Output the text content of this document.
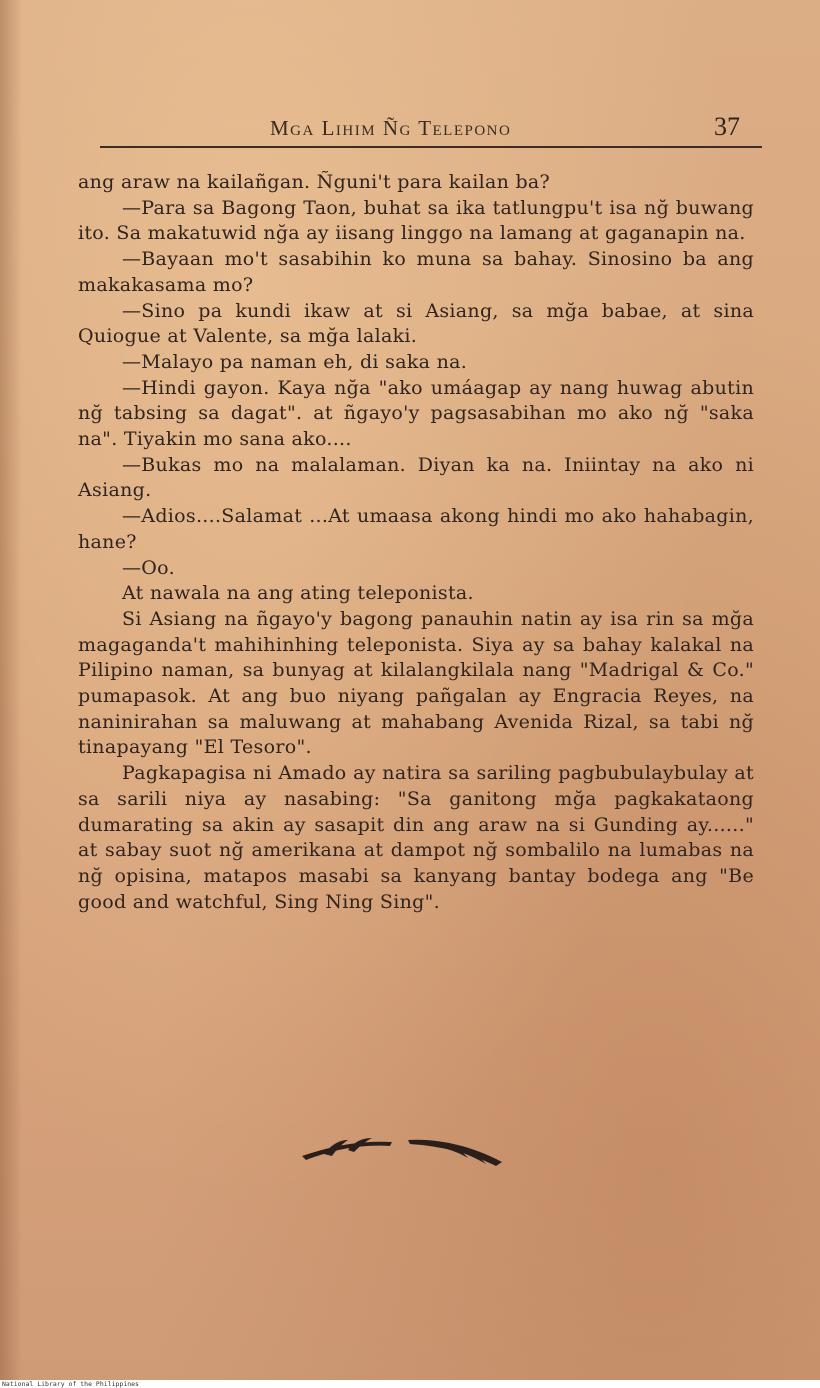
Mga Lihim Ñg Telepono	37

ang araw na kailañgan. Ñguni't para kailan ba?

—Para sa Bagong Taon, buhat sa ika tatlungpu't isa nğ buwang ito. Sa makatuwid nğa ay iisang linggo na lamang at gaganapin na.

—Bayaan mo't sasabihin ko muna sa bahay. Sinosino ba ang makakasama mo?

—Sino pa kundi ikaw at si Asiang, sa mğa babae, at sina Quiogue at Valente, sa mğa lalaki.

—Malayo pa naman eh, di saka na.

—Hindi gayon. Kaya nğa "ako umáagap ay nang huwag abutin nğ tabsing sa dagat". at ñgayo'y pagsasabihan mo ako nğ "saka na". Tiyakin mo sana ako....

—Bukas mo na malalaman. Diyan ka na. Iniintay na ako ni Asiang.

—Adios....Salamat ...At umaasa akong hindi mo ako hahabagin, hane?

—Oo.

At nawala na ang ating teleponista.

Si Asiang na ñgayo'y bagong panauhin natin ay isa rin sa mğa magaganda't mahihinhing teleponista. Siya ay sa bahay kalakal na Pilipino naman, sa bunyag at kilalangkilala nang "Madrigal & Co." pumapasok. At ang buo niyang pañgalan ay Engracia Reyes, na naninirahan sa maluwang at mahabang Avenida Rizal, sa tabi nğ tinapayang "El Tesoro".

Pagkapagisa ni Amado ay natira sa sariling pagbubulaybulay at sa sarili niya ay nasabing: "Sa ganitong mğa pagkakataong dumarating sa akin ay sasapit din ang araw na si Gunding ay......" at sabay suot nğ amerikana at dampot nğ sombalilo na lumabas na nğ opisina, matapos masabi sa kanyang bantay bodega ang "Be good and watchful, Sing Ning Sing".

National Library of the Philippines
